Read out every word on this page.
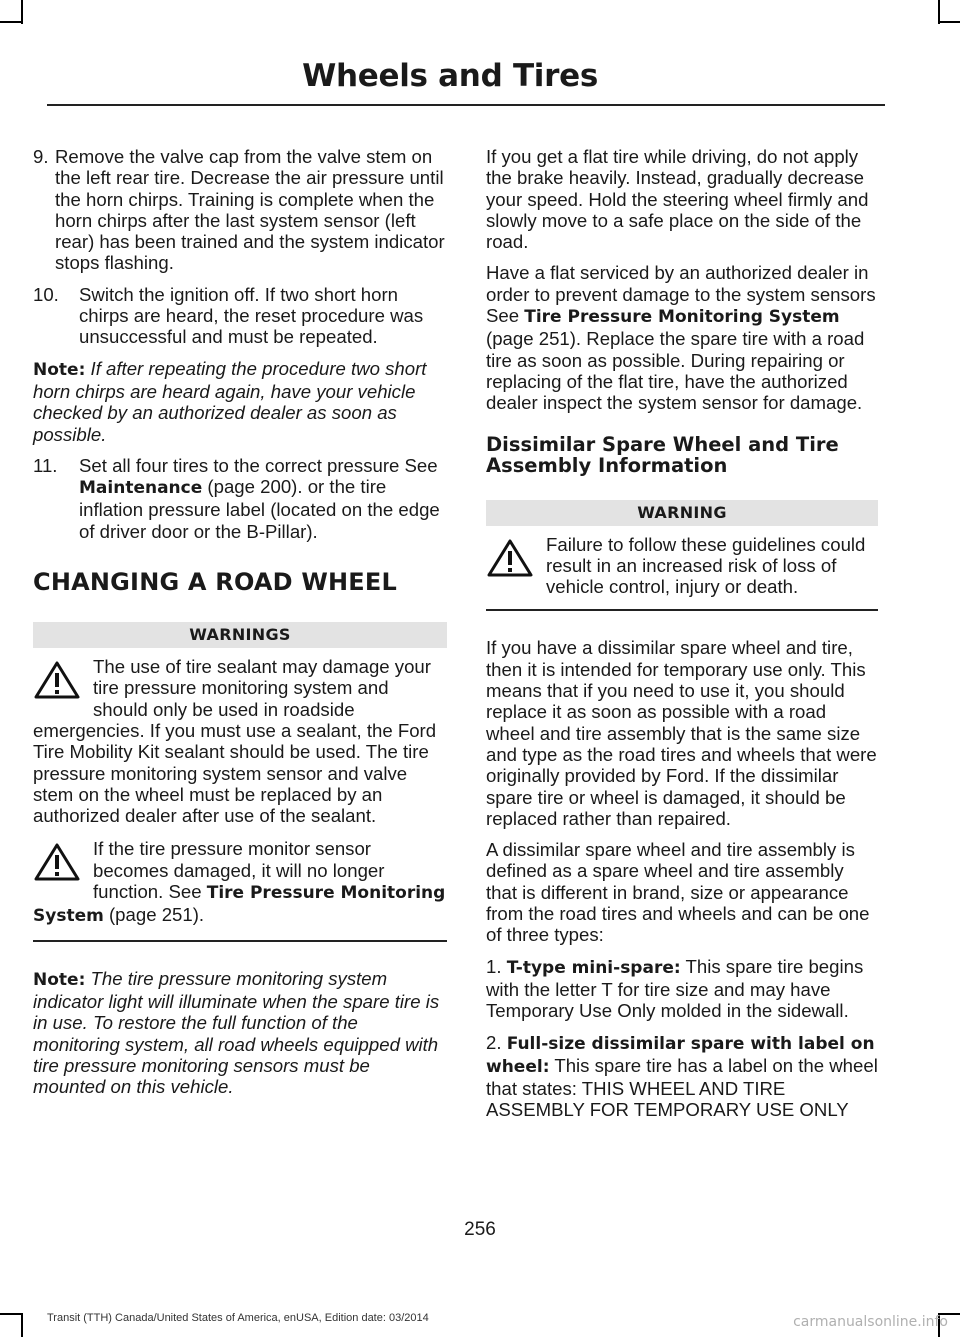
Wheels and Tires
9. Remove the valve cap from the valve stem on the left rear tire. Decrease the air pressure until the horn chirps. Training is complete when the horn chirps after the last system sensor (left rear) has been trained and the system indicator stops flashing.
10.	Switch the ignition off. If two short horn chirps are heard, the reset procedure was unsuccessful and must be repeated.

Note: If after repeating the procedure two short horn chirps are heard again, have your vehicle checked by an authorized dealer as soon as possible.

11.	Set all four tires to the correct pressure See Maintenance (page 200). or the tire inflation pressure label (located on the edge of driver door or the B-Pillar).
CHANGING A ROAD WHEEL
WARNINGS
The use of tire sealant may damage your tire pressure monitoring system and should only be used in roadside emergencies. If you must use a sealant, the Ford Tire Mobility Kit sealant should be used. The tire pressure monitoring system sensor and valve stem on the wheel must be replaced by an authorized dealer after use of the sealant.
If the tire pressure monitor sensor becomes damaged, it will no longer function. See Tire Pressure Monitoring System (page 251).

Note: The tire pressure monitoring system indicator light will illuminate when the spare tire is in use. To restore the full function of the monitoring system, all road wheels equipped with tire pressure monitoring sensors must be mounted on this vehicle.

If you get a flat tire while driving, do not apply the brake heavily. Instead, gradually decrease your speed. Hold the steering wheel firmly and slowly move to a safe place on the side of the road.

Have a flat serviced by an authorized dealer in order to prevent damage to the system sensors See Tire Pressure Monitoring System (page 251). Replace the spare tire with a road tire as soon as possible. During repairing or replacing of the flat tire, have the authorized dealer inspect the system sensor for damage.

Dissimilar Spare Wheel and Tire Assembly Information
WARNING
Failure to follow these guidelines could result in an increased risk of loss of vehicle control, injury or death.

If you have a dissimilar spare wheel and tire, then it is intended for temporary use only. This means that if you need to use it, you should replace it as soon as possible with a road wheel and tire assembly that is the same size and type as the road tires and wheels that were originally provided by Ford. If the dissimilar spare tire or wheel is damaged, it should be replaced rather than repaired.

A dissimilar spare wheel and tire assembly is defined as a spare wheel and tire assembly that is different in brand, size or appearance from the road tires and wheels and can be one of three types:

1. T-type mini-spare: This spare tire begins with the letter T for tire size and may have Temporary Use Only molded in the sidewall.

2. Full-size dissimilar spare with label on wheel: This spare tire has a label on the wheel that states: THIS WHEEL AND TIRE ASSEMBLY FOR TEMPORARY USE ONLY

256
Transit (TTH) Canada/United States of America, enUSA, Edition date: 03/2014	carmanualsonline.info
